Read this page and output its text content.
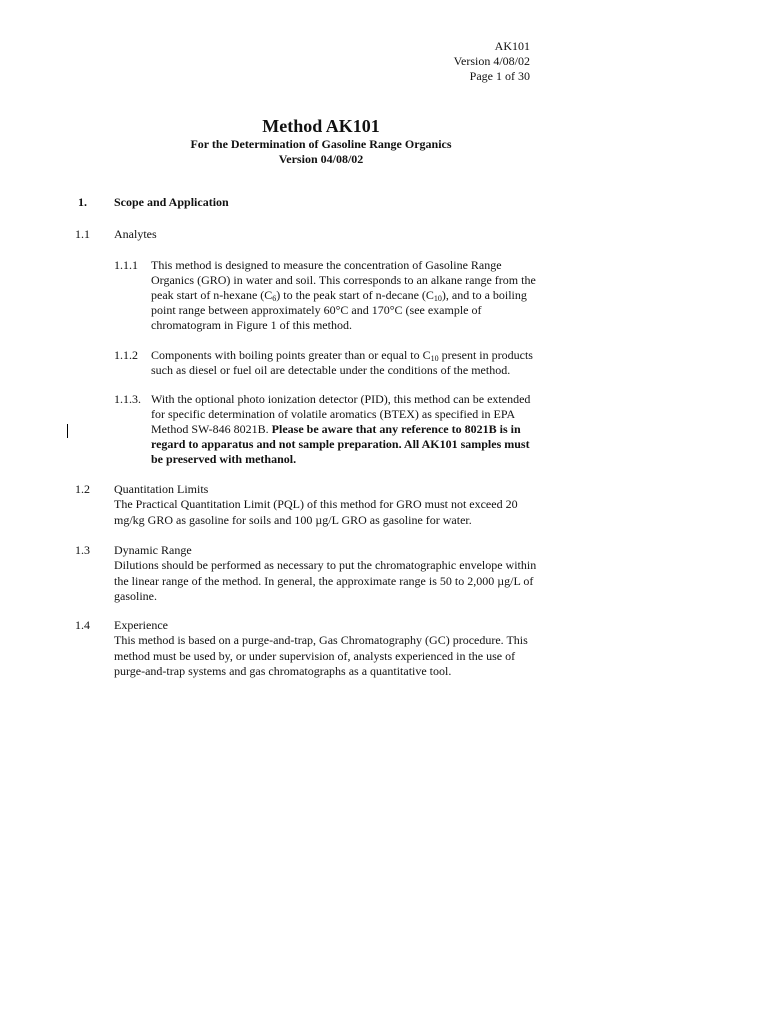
AK101
Version 4/08/02
Page 1 of 30
Method AK101
For the Determination of Gasoline Range Organics
Version 04/08/02
1. Scope and Application
1.1 Analytes
1.1.1 This method is designed to measure the concentration of Gasoline Range
Organics (GRO) in water and soil. This corresponds to an alkane range from the
peak start of n-hexane $(C_6)$ to the peak start of n-decane $(C_{10})$, and to a boiling
point range between approximately 60°C and 170°C (see example of
chromatogram in Figure 1 of this method.
1.1.2 Components with boiling points greater than or equal to $C_{10}$ present in products
such as diesel or fuel oil are detectable under the conditions of the method.
1.1.3. With the optional photo ionization detector (PID), this method can be extended
for specific determination of volatile aromatics (BTEX) as specified in EPA
Method SW-846 8021B. Please be aware that any reference to 8021B is in
regard to apparatus and not sample preparation. All AK101 samples must
be preserved with methanol.
1.2 Quantitation Limits
The Practical Quantitation Limit (PQL) of this method for GRO must not exceed 20
mg/kg GRO as gasoline for soils and 100 µg/L GRO as gasoline for water.
1.3 Dynamic Range
Dilutions should be performed as necessary to put the chromatographic envelope within
the linear range of the method. In general, the approximate range is 50 to 2,000 µg/L of
gasoline.
1.4 Experience
This method is based on a purge-and-trap, Gas Chromatography (GC) procedure. This
method must be used by, or under supervision of, analysts experienced in the use of
purge-and-trap systems and gas chromatographs as a quantitative tool.
